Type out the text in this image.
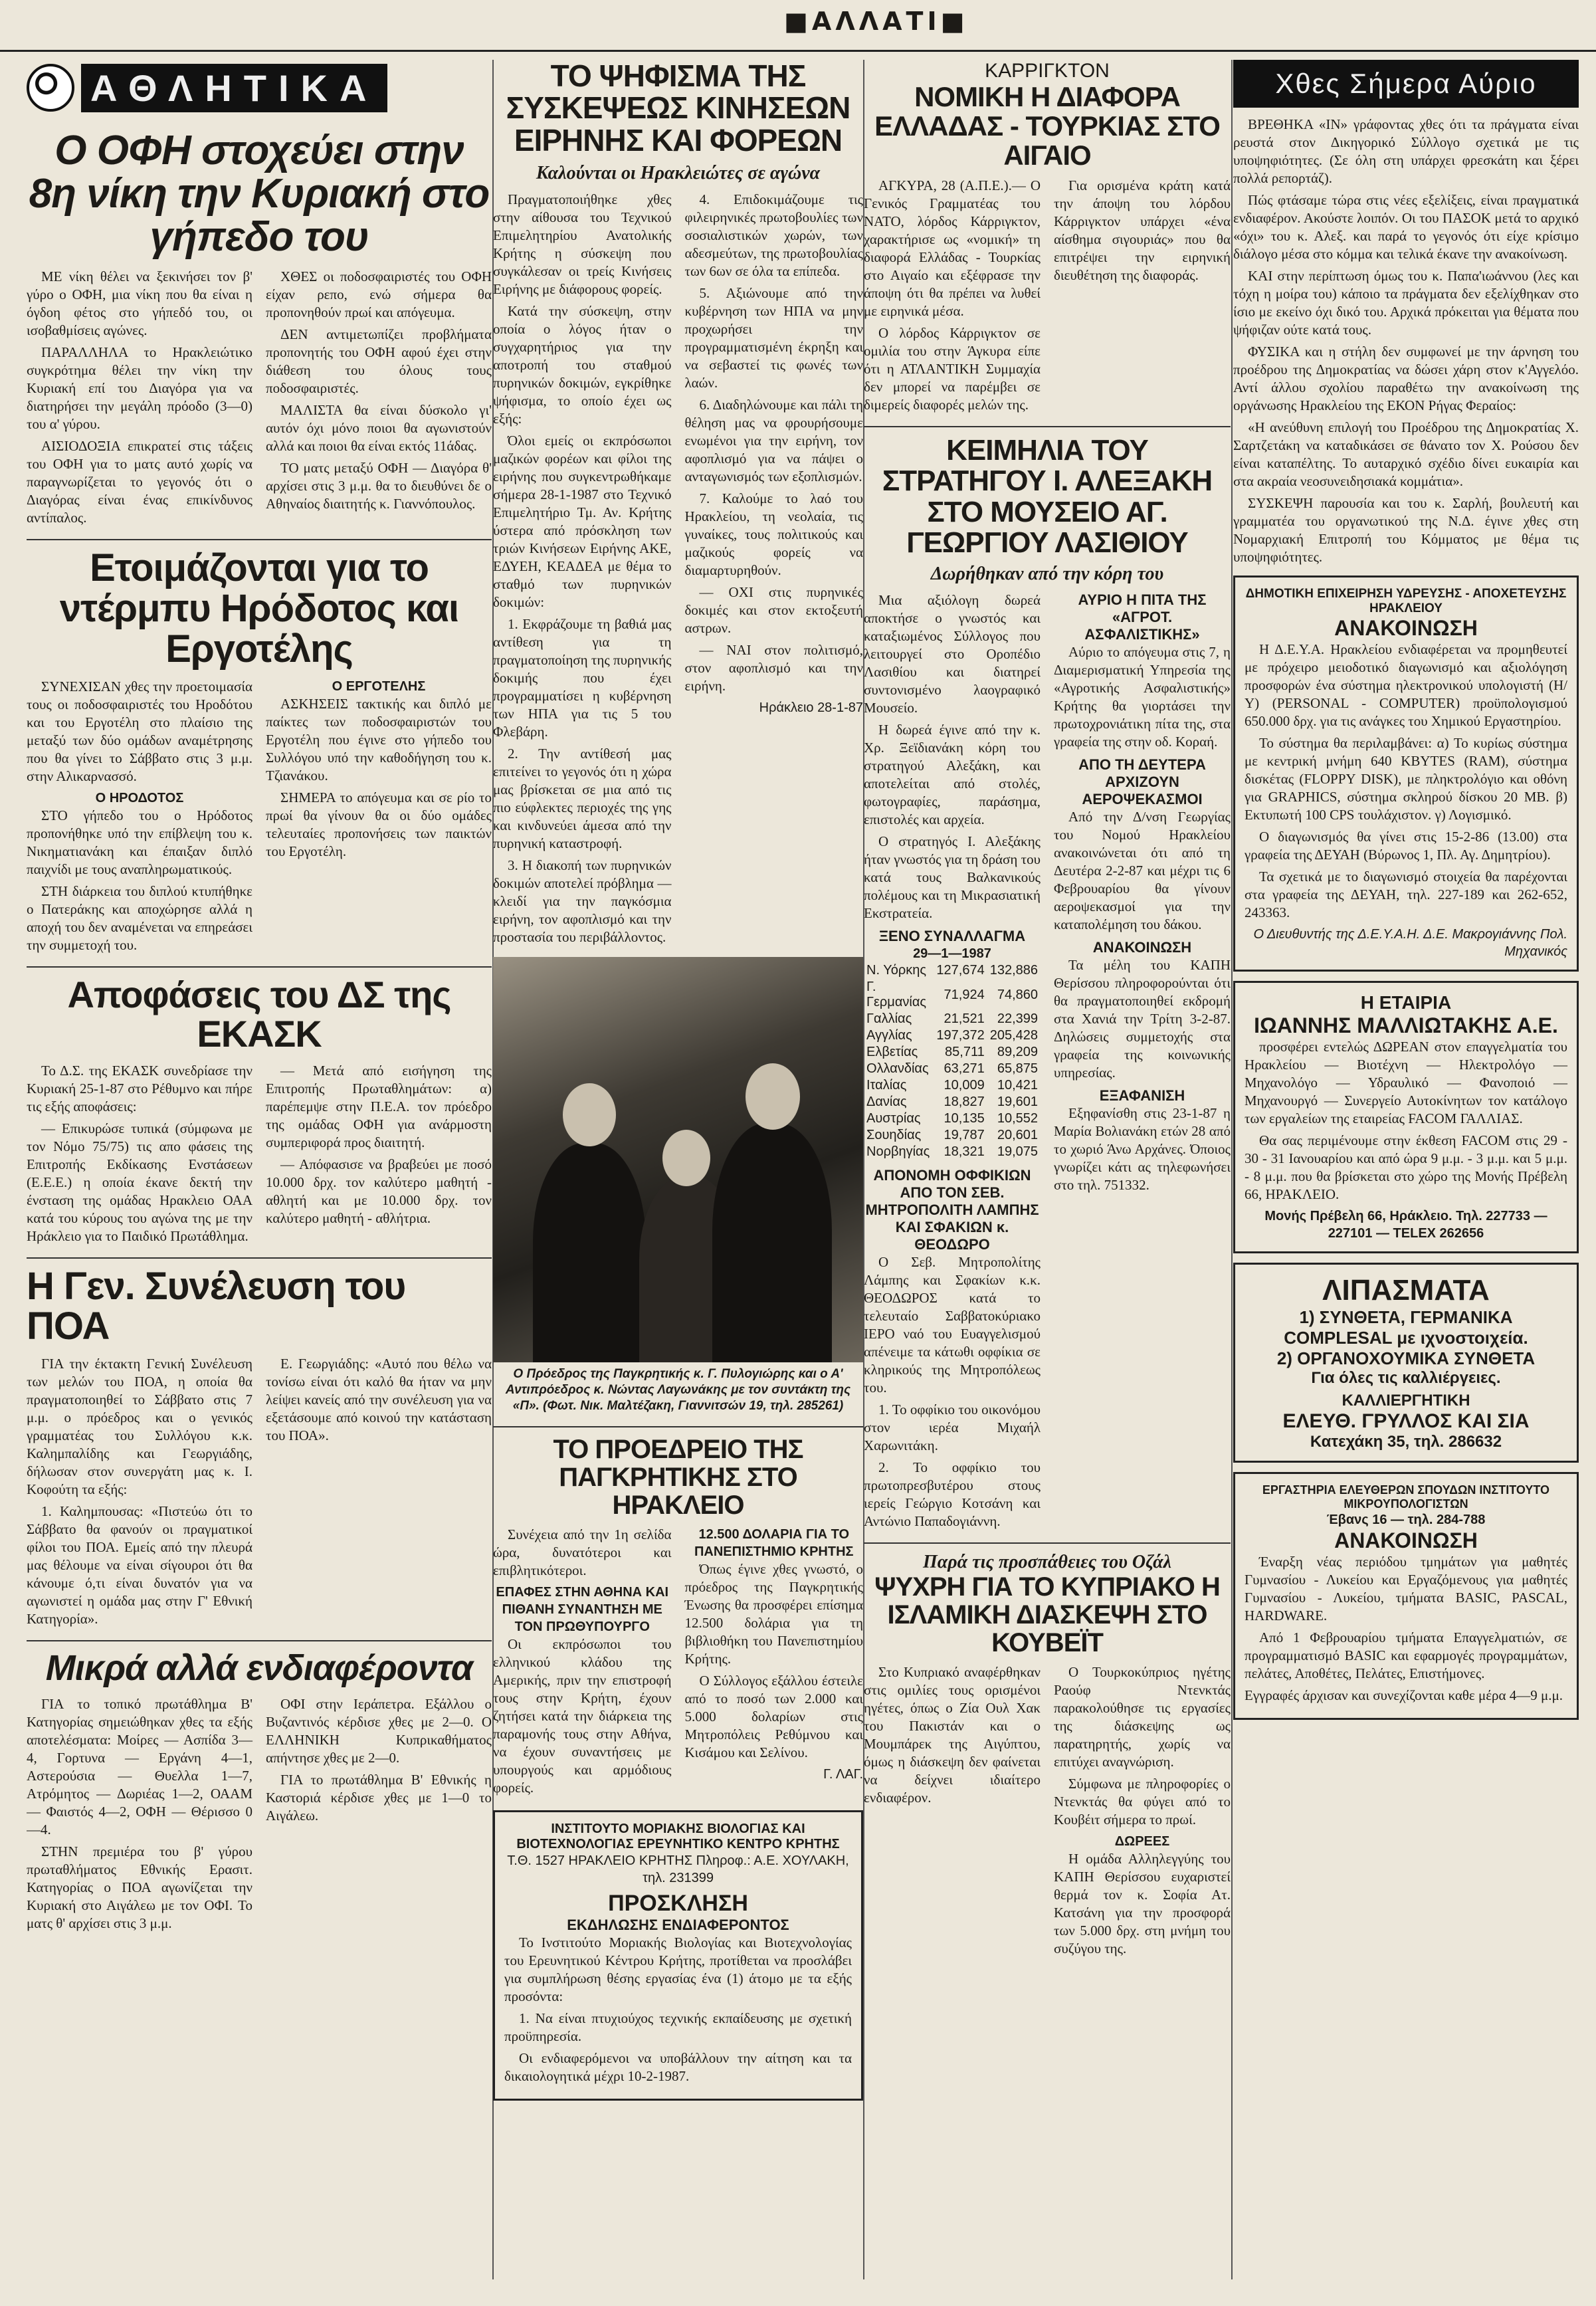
■ΑΛΛΑΤΙ■
ΑΘΛΗΤΙΚΑ
Ο ΟΦΗ στοχεύει στην 8η νίκη την Κυριακή στο γήπεδο του

ΜΕ νίκη θέλει να ξεκινήσει τον β' γύρο ο ΟΦΗ, μια νίκη που θα είναι η όγδοη φέτος στο γήπεδό του, οι ισοβαθμίσεις αγώνες.

ΠΑΡΑΛΛΗΛΑ το Ηρακλειώτικο συγκρότημα θέλει την νίκη την Κυριακή επί του Διαγόρα για να διατηρήσει την μεγάλη πρόοδο (3—0) του α' γύρου.

ΑΙΣΙΟΔΟΞΙΑ επικρατεί στις τάξεις του ΟΦΗ για το ματς αυτό χωρίς να παραγνωρίζεται το γεγονός ότι ο Διαγόρας είναι ένας επικίνδυνος αντίπαλος.

ΧΘΕΣ οι ποδοσφαιριστές του ΟΦΗ είχαν ρεπο, ενώ σήμερα θα προπονηθούν πρωί και απόγευμα.

ΔΕΝ αντιμετωπίζει προβλήματα προπονητής του ΟΦΗ αφού έχει στην διάθεση του όλους τους ποδοσφαιριστές.

ΜΑΛΙΣΤΑ θα είναι δύσκολο γι' αυτόν όχι μόνο ποιοι θα αγωνιστούν αλλά και ποιοι θα είναι εκτός 11άδας.

ΤΟ ματς μεταξύ ΟΦΗ — Διαγόρα θ' αρχίσει στις 3 μ.μ. θα το διευθύνει δε ο Αθηναίος διαιτητής κ. Γιαννόπουλος.

Ετοιμάζονται για το ντέρμπυ Ηρόδοτος και Εργοτέλης

ΣΥΝΕΧΙΣΑΝ χθες την προετοιμασία τους οι ποδοσφαιριστές του Ηροδότου και του Εργοτέλη στο πλαίσιο της μεταξύ των δύο ομάδων αναμέτρησης που θα γίνει το Σάββατο στις 3 μ.μ. στην Αλικαρνασσό.

Ο ΗΡΟΔΟΤΟΣ

ΣΤΟ γήπεδο του ο Ηρόδοτος προπονήθηκε υπό την επίβλεψη του κ. Νικηματιανάκη και έπαιξαν διπλό παιχνίδι με τους αναπληρωματικούς.

ΣΤΗ διάρκεια του διπλού κτυπήθηκε ο Πατεράκης και αποχώρησε αλλά η αποχή του δεν αναμένεται να επηρεάσει την συμμετοχή του.

Ο ΕΡΓΟΤΕΛΗΣ

ΑΣΚΗΣΕΙΣ τακτικής και διπλό με παίκτες των ποδοσφαιριστών του Εργοτέλη που έγινε στο γήπεδο του Συλλόγου υπό την καθοδήγηση του κ. Τζιανάκου.

ΣΗΜΕΡΑ το απόγευμα και σε ρίο το πρωί θα γίνουν θα οι δύο ομάδες τελευταίες προπονήσεις των παικτών του Εργοτέλη.

Αποφάσεις του ΔΣ της ΕΚΑΣΚ

Το Δ.Σ. της ΕΚΑΣΚ συνεδρίασε την Κυριακή 25-1-87 στο Ρέθυμνο και πήρε τις εξής αποφάσεις:

— Επικυρώσε τυπικά (σύμφωνα με τον Νόμο 75/75) τις απο φάσεις της Επιτροπής Εκδίκασης Ενστάσεων (Ε.Ε.Ε.) η οποία έκανε δεκτή την ένσταση της ομάδας Ηρακλειο ΟΑΑ κατά του κύρους του αγώνα της με την Ηράκλειο για το Παιδικό Πρωτάθλημα.

— Μετά από εισήγηση της Επιτροπής Πρωταθλημάτων: α) παρέπεμψε στην Π.Ε.Α. τον πρόεδρο της ομάδας ΟΦΗ για ανάρμοστη συμπεριφορά προς διαιτητή.

— Απόφασισε να βραβεύει με ποσό 10.000 δρχ. τον καλύτερο μαθητή - αθλητή και με 10.000 δρχ. τον καλύτερο μαθητή - αθλήτρια.

Η Γεν. Συνέλευση του ΠΟΑ

ΓΙΑ την έκτακτη Γενική Συνέλευση των μελών του ΠΟΑ, η οποία θα πραγματοποιηθεί το Σάββατο στις 7 μ.μ. ο πρόεδρος και ο γενικός γραμματέας του Συλλόγου κ.κ. Καλημπαλίδης και Γεωργιάδης, δήλωσαν στον συνεργάτη μας κ. Ι. Κοφούτη τα εξής:

1. Καλημπουσας: «Πιστεύω ότι το Σάββατο θα φανούν οι πραγματικοί φίλοι του ΠΟΑ. Εμείς από την πλευρά μας θέλουμε να είναι σίγουροι ότι θα κάνουμε ό,τι είναι δυνατόν για να αγωνιστεί η ομάδα μας στην Γ' Εθνική Κατηγορία».

Ε. Γεωργιάδης: «Αυτό που θέλω να τονίσω είναι ότι καλό θα ήταν να μην λείψει κανείς από την συνέλευση για να εξετάσουμε από κοινού την κατάσταση του ΠΟΑ».

Μικρά αλλά ενδιαφέροντα

ΓΙΑ το τοπικό πρωτάθλημα Β' Κατηγορίας σημειώθηκαν χθες τα εξής αποτελέσματα: Μοίρες — Ασπίδα 3—4, Γορτυνα — Εργάνη 4—1, Αστερούσια — Θυελλα 1—7, Ατρόμητος — Δωριέας 1—2, ΟΑΑΜ — Φαιστός 4—2, ΟΦΗ — Θέρισσο 0—4.

ΣΤΗΝ πρεμιέρα του β' γύρου πρωταθλήματος Εθνικής Ερασιτ. Κατηγορίας ο ΠΟΑ αγωνίζεται την Κυριακή στο Αιγάλεω με τον ΟΦΙ. Το ματς θ' αρχίσει στις 3 μ.μ.

ΟΦΙ στην Ιεράπετρα. Εξάλλου ο Βυζαντινός κέρδισε χθες με 2—0. Ο ΕΛΛΗΝΙΚΗ Κυπρικαθήματος απήντησε χθες με 2—0.

ΓΙΑ το πρωτάθλημα Β' Εθνικής η Καστοριά κέρδισε χθες με 1—0 το Αιγάλεω.

ΤΟ ΨΗΦΙΣΜΑ ΤΗΣ ΣΥΣΚΕΨΕΩΣ ΚΙΝΗΣΕΩΝ ΕΙΡΗΝΗΣ ΚΑΙ ΦΟΡΕΩΝ
Καλούνται οι Ηρακλειώτες σε αγώνα

Πραγματοποιήθηκε χθες στην αίθουσα του Τεχνικού Επιμελητηρίου Ανατολικής Κρήτης η σύσκεψη που συγκάλεσαν οι τρείς Κινήσεις Ειρήνης με διάφορους φορείς.

Κατά την σύσκεψη, στην οποία ο λόγος ήταν ο συγχαρητήριος για την αποτροπή του σταθμού πυρηνικών δοκιμών, εγκρίθηκε ψήφισμα, το οποίο έχει ως εξής:

Όλοι εμείς οι εκπρόσωποι μαζικών φορέων και φίλοι της ειρήνης που συγκεντρωθήκαμε σήμερα 28-1-1987 στο Τεχνικό Επιμελητήριο Τμ. Αν. Κρήτης ύστερα από πρόσκληση των τριών Κινήσεων Ειρήνης ΑΚΕ, ΕΔΥΕΗ, ΚΕΑΔΕΑ με θέμα το σταθμό των πυρηνικών δοκιμών:

1. Εκφράζουμε τη βαθιά μας αντίθεση για τη πραγματοποίηση της πυρηνικής δοκιμής που έχει προγραμματίσει η κυβέρνηση των ΗΠΑ για τις 5 του Φλεβάρη.

2. Την αντίθεσή μας επιτείνει το γεγονός ότι η χώρα μας βρίσκεται σε μια από τις πιο εύφλεκτες περιοχές της γης και κινδυνεύει άμεσα από την πυρηνική καταστροφή.

3. Η διακοπή των πυρηνικών δοκιμών αποτελεί πρόβλημα — κλειδί για την παγκόσμια ειρήνη, τον αφοπλισμό και την προστασία του περιβάλλοντος.

4. Επιδοκιμάζουμε τις φιλειρηνικές πρωτοβουλίες των σοσιαλιστικών χωρών, των αδεσμεύτων, της πρωτοβουλίας των 6ων σε όλα τα επίπεδα.

5. Αξιώνουμε από την κυβέρνηση των ΗΠΑ να μην προχωρήσει την προγραμματισμένη έκρηξη και να σεβαστεί τις φωνές των λαών.

6. Διαδηλώνουμε και πάλι τη θέληση μας να φρουρήσουμε ενωμένοι για την ειρήνη, τον αφοπλισμό για να πάψει ο ανταγωνισμός των εξοπλισμών.

7. Καλούμε το λαό του Ηρακλείου, τη νεολαία, τις γυναίκες, τους πολιτικούς και μαζικούς φορείς να διαμαρτυρηθούν.

— ΟΧΙ στις πυρηνικές δοκιμές και στον εκτοξευτή αστρων.

— ΝΑΙ στον πολιτισμό, στον αφοπλισμό και την ειρήνη.

Ηράκλειο 28-1-87
Ο Πρόεδρος της Παγκρητικής κ. Γ. Πυλογιώρης και ο Α' Αντιπρόεδρος κ. Νώντας Λαγωνάκης με τον συντάκτη της «Π». (Φωτ. Νικ. Μαλτέζακη, Γιαννιτσών 19, τηλ. 285261)
ΤΟ ΠΡΟΕΔΡΕΙΟ ΤΗΣ ΠΑΓΚΡΗΤΙΚΗΣ ΣΤΟ ΗΡΑΚΛΕΙΟ

Συνέχεια από την 1η σελίδα ώρα, δυνατότεροι και επιβλητικότεροι.

ΕΠΑΦΕΣ ΣΤΗΝ ΑΘΗΝΑ ΚΑΙ ΠΙΘΑΝΗ ΣΥΝΑΝΤΗΣΗ ΜΕ ΤΟΝ ΠΡΩΘΥΠΟΥΡΓΟ

Οι εκπρόσωποι του ελληνικού κλάδου της Αμερικής, πριν την επιστροφή τους στην Κρήτη, έχουν ζητήσει κατά την διάρκεια της παραμονής τους στην Αθήνα, να έχουν συναντήσεις με υπουργούς και αρμόδιους φορείς.

12.500 ΔΟΛΑΡΙΑ ΓΙΑ ΤΟ ΠΑΝΕΠΙΣΤΗΜΙΟ ΚΡΗΤΗΣ

Όπως έγινε χθες γνωστό, ο πρόεδρος της Παγκρητικής Ένωσης θα προσφέρει επίσημα 12.500 δολάρια για τη βιβλιοθήκη του Πανεπιστημίου Κρήτης.

Ο Σύλλογος εξάλλου έστειλε από το ποσό των 2.000 και 5.000 δολαρίων στις Μητροπόλεις Ρεθύμνου και Κισάμου και Σελίνου.

Γ. ΛΑΓ.
ΙΝΣΤΙΤΟΥΤΟ ΜΟΡΙΑΚΗΣ ΒΙΟΛΟΓΙΑΣ ΚΑΙ ΒΙΟΤΕΧΝΟΛΟΓΙΑΣ ΕΡΕΥΝΗΤΙΚΟ ΚΕΝΤΡΟ ΚΡΗΤΗΣ
Τ.Θ. 1527 ΗΡΑΚΛΕΙΟ ΚΡΗΤΗΣ Πληροφ.: Α.Ε. ΧΟΥΛΑΚΗ, τηλ. 231399
ΠΡΟΣΚΛΗΣΗ
ΕΚΔΗΛΩΣΗΣ ΕΝΔΙΑΦΕΡΟΝΤΟΣ

Το Ινστιτούτο Μοριακής Βιολογίας και Βιοτεχνολογίας του Ερευνητικού Κέντρου Κρήτης, προτίθεται να προσλάβει για συμπλήρωση θέσης εργασίας ένα (1) άτομο με τα εξής προσόντα:

1. Να είναι πτυχιούχος τεχνικής εκπαίδευσης με σχετική προϋπηρεσία.

Οι ενδιαφερόμενοι να υποβάλλουν την αίτηση και τα δικαιολογητικά μέχρι 10-2-1987.

ΚΑΡΡΙΓΚΤΟΝ
ΝΟΜΙΚΗ Η ΔΙΑΦΟΡΑ ΕΛΛΑΔΑΣ - ΤΟΥΡΚΙΑΣ ΣΤΟ ΑΙΓΑΙΟ

ΑΓΚΥΡΑ, 28 (Α.Π.Ε.).— Ο Γενικός Γραμματέας του ΝΑΤΟ, λόρδος Κάρριγκτον, χαρακτήρισε ως «νομική» τη διαφορά Ελλάδας - Τουρκίας στο Αιγαίο και εξέφρασε την άποψη ότι θα πρέπει να λυθεί με ειρηνικά μέσα.

Ο λόρδος Κάρριγκτον σε ομιλία του στην Άγκυρα είπε ότι η ΑΤΛΑΝΤΙΚΗ Συμμαχία δεν μπορεί να παρέμβει σε διμερείς διαφορές μελών της.

Για ορισμένα κράτη κατά την άποψη του λόρδου Κάρριγκτον υπάρχει «ένα αίσθημα σιγουριάς» που θα επιτρέψει την ειρηνική διευθέτηση της διαφοράς.

ΚΕΙΜΗΛΙΑ ΤΟΥ ΣΤΡΑΤΗΓΟΥ Ι. ΑΛΕΞΑΚΗ ΣΤΟ ΜΟΥΣΕΙΟ ΑΓ. ΓΕΩΡΓΙΟΥ ΛΑΣΙΘΙΟΥ
Δωρήθηκαν από την κόρη του

Μια αξιόλογη δωρεά αποκτήσε ο γνωστός και καταξιωμένος Σύλλογος που λειτουργεί στο Οροπέδιο Λασιθίου και διατηρεί συντονισμένο λαογραφικό Μουσείο.

Η δωρεά έγινε από την κ. Χρ. Ξεϊδιανάκη κόρη του στρατηγού Αλεξάκη, και αποτελείται από στολές, φωτογραφίες, παράσημα, επιστολές και αρχεία.

Ο στρατηγός Ι. Αλεξάκης ήταν γνωστός για τη δράση του κατά τους Βαλκανικούς πολέμους και τη Μικρασιατική Εκστρατεία.

ΞΕΝΟ ΣΥΝΑΛΛΑΓΜΑ
29—1—1987
Ν. Υόρκης	127,674	132,886
Γ. Γερμανίας	71,924	74,860
Γαλλίας	21,521	22,399
Αγγλίας	197,372	205,428
Ελβετίας	85,711	89,209
Ολλανδίας	63,271	65,875
Ιταλίας	10,009	10,421
Δανίας	18,827	19,601
Αυστρίας	10,135	10,552
Σουηδίας	19,787	20,601
Νορβηγίας	18,321	19,075
ΑΠΟΝΟΜΗ ΟΦΦΙΚΙΩΝ ΑΠΟ ΤΟΝ ΣΕΒ. ΜΗΤΡΟΠΟΛΙΤΗ ΛΑΜΠΗΣ ΚΑΙ ΣΦΑΚΙΩΝ κ. ΘΕΟΔΩΡΟ

Ο Σεβ. Μητροπολίτης Λάμπης και Σφακίων κ.κ. ΘΕΟΔΩΡΟΣ κατά το τελευταίο Σαββατοκύριακο ΙΕΡΟ ναό του Ευαγγελισμού απένειμε τα κάτωθι οφφίκια σε κληρικούς της Μητροπόλεως του.

1. Το οφφίκιο του οικονόμου στον ιερέα Μιχαήλ Χαρωνιτάκη.

2. Το οφφίκιο του πρωτοπρεσβυτέρου στους ιερείς Γεώργιο Κοτσάνη και Αντώνιο Παπαδογιάννη.

ΑΥΡΙΟ Η ΠΙΤΑ ΤΗΣ «ΑΓΡΟΤ. ΑΣΦΑΛΙΣΤΙΚΗΣ»

Αύριο το απόγευμα στις 7, η Διαμερισματική Υπηρεσία της «Αγροτικής Ασφαλιστικής» Κρήτης θα γιορτάσει την πρωτοχρονιάτικη πίτα της, στα γραφεία της στην οδ. Κοραή.

ΑΠΟ ΤΗ ΔΕΥΤΕΡΑ ΑΡΧΙΖΟΥΝ ΑΕΡΟΨΕΚΑΣΜΟΙ

Από την Δ/νση Γεωργίας του Νομού Ηρακλείου ανακοινώνεται ότι από τη Δευτέρα 2-2-87 και μέχρι τις 6 Φεβρουαρίου θα γίνουν αεροψεκασμοί για την καταπολέμηση του δάκου.

ΑΝΑΚΟΙΝΩΣΗ

Τα μέλη του ΚΑΠΗ Θερίσσου πληροφορούνται ότι θα πραγματοποιηθεί εκδρομή στα Χανιά την Τρίτη 3-2-87. Δηλώσεις συμμετοχής στα γραφεία της κοινωνικής υπηρεσίας.

ΕΞΑΦΑΝΙΣΗ

Εξηφανίσθη στις 23-1-87 η Μαρία Βολιανάκη ετών 28 από το χωριό Άνω Αρχάνες. Όποιος γνωρίζει κάτι ας τηλεφωνήσει στο τηλ. 751332.

Παρά τις προσπάθειες του Οζάλ
ΨΥΧΡΗ ΓΙΑ ΤΟ ΚΥΠΡΙΑΚΟ Η ΙΣΛΑΜΙΚΗ ΔΙΑΣΚΕΨΗ ΣΤΟ ΚΟΥΒΕΪΤ

Στο Κυπριακό αναφέρθηκαν στις ομιλίες τους ορισμένοι ηγέτες, όπως ο Ζία Ουλ Χακ του Πακιστάν και ο Μουμπάρεκ της Αιγύπτου, όμως η διάσκεψη δεν φαίνεται να δείχνει ιδιαίτερο ενδιαφέρον.

Ο Τουρκοκύπριος ηγέτης Ραούφ Ντενκτάς παρακολούθησε τις εργασίες της διάσκεψης ως παρατηρητής, χωρίς να επιτύχει αναγνώριση.

Σύμφωνα με πληροφορίες ο Ντενκτάς θα φύγει από το Κουβέιτ σήμερα το πρωί.

ΔΩΡΕΕΣ

Η ομάδα Αλληλεγγύης του ΚΑΠΗ Θερίσσου ευχαριστεί θερμά τον κ. Σοφία Ατ. Κατσάνη για την προσφορά των 5.000 δρχ. στη μνήμη του συζύγου της.

Χθες Σήμερα Αύριο

ΒΡΕΘΗΚΑ «ΙΝ» γράφοντας χθες ότι τα πράγματα είναι ρευστά στον Δικηγορικό Σύλλογο σχετικά με τις υποψηφιότητες. (Σε όλη στη υπάρχει φρεσκάτη και ξέρει πολλά ρεπορτάζ).

Πώς φτάσαμε τώρα στις νέες εξελίξεις, είναι πραγματικά ενδιαφέρον. Ακούστε λοιπόν. Οι του ΠΑΣΟΚ μετά το αρχικό «όχι» του κ. Αλεξ. και παρά το γεγονός ότι είχε κρίσιμο διάλογο μέσα στο κόμμα και τελικά έκανε την ανακοίνωση.

ΚΑΙ στην περίπτωση όμως του κ. Παπα'ιωάννου (λες και τόχη η μοίρα του) κάποιο τα πράγματα δεν εξελίχθηκαν στο ίσιο με εκείνο όχι δικό του. Αρχικά πρόκειται για θέματα που ψήφιζαν ούτε κατά τους.

ΦΥΣΙΚΑ και η στήλη δεν συμφωνεί με την άρνηση του προέδρου της Δημοκρατίας να δώσει χάρη στον κ'Αγγελόο. Αντί άλλου σχολίου παραθέτω την ανακοίνωση της οργάνωσης Ηρακλείου της ΕΚΟΝ Ρήγας Φεραίος:

«Η ανεύθυνη επιλογή του Προέδρου της Δημοκρατίας Χ. Σαρτζετάκη να καταδικάσει σε θάνατο τον Χ. Ρούσου δεν είναι καταπέλτης. Το αυταρχικό σχέδιο δίνει ευκαιρία και στα ακραία νεοσυνειδησιακά κομμάτια».

ΣΥΣΚΕΨΗ παρουσία και του κ. Σαρλή, βουλευτή και γραμματέα του οργανωτικού της Ν.Δ. έγινε χθες στη Νομαρχιακή Επιτροπή του Κόμματος με θέμα τις υποψηφιότητες.

ΔΗΜΟΤΙΚΗ ΕΠΙΧΕΙΡΗΣΗ ΥΔΡΕΥΣΗΣ - ΑΠΟΧΕΤΕΥΣΗΣ ΗΡΑΚΛΕΙΟΥ
ΑΝΑΚΟΙΝΩΣΗ

Η Δ.Ε.Υ.Α. Ηρακλείου ενδιαφέρεται να προμηθευτεί με πρόχειρο μειοδοτικό διαγωνισμό και αξιολόγηση προσφορών ένα σύστημα ηλεκτρονικού υπολογιστή (Η/Υ) (PERSONAL - COMPUTER) προϋπολογισμού 650.000 δρχ. για τις ανάγκες του Χημικού Εργαστηρίου.

Το σύστημα θα περιλαμβάνει: α) Το κυρίως σύστημα με κεντρική μνήμη 640 ΚΒΥTES (RAM), σύστημα δισκέτας (FLOPPY DISK), με πληκτρολόγιο και οθόνη για GRAPHICS, σύστημα σκληρού δίσκου 20 MB. β) Εκτυπωτή 100 CPS τουλάχιστον. γ) Λογισμικό.

Ο διαγωνισμός θα γίνει στις 15-2-86 (13.00) στα γραφεία της ΔΕΥΑΗ (Βύρωνος 1, Πλ. Αγ. Δημητρίου).

Τα σχετικά με το διαγωνισμό στοιχεία θα παρέχονται στα γραφεία της ΔΕΥΑΗ, τηλ. 227-189 και 262-652, 243363.

Ο Διευθυντής της Δ.Ε.Υ.Α.Η. Δ.Ε. Μακρογιάννης Πολ. Μηχανικός
Η ΕΤΑΙΡΙΑ
ΙΩΑΝΝΗΣ ΜΑΛΛΙΩΤΑΚΗΣ Α.Ε.

προσφέρει εντελώς ΔΩΡΕΑΝ στον επαγγελματία του Ηρακλείου — Βιοτέχνη — Ηλεκτρολόγο — Μηχανολόγο — Υδραυλικό — Φανοποιό — Μηχανουργό — Συνεργείο Αυτοκίνητων τον κατάλογο των εργαλείων της εταιρείας FACOM ΓΑΛΛΙΑΣ.

Θα σας περιμένουμε στην έκθεση FACOM στις 29 - 30 - 31 Ιανουαρίου και από ώρα 9 μ.μ. - 3 μ.μ. και 5 μ.μ. - 8 μ.μ. που θα βρίσκεται στο χώρο της Μονής Πρέβελη 66, ΗΡΑΚΛΕΙΟ.

Μονής Πρέβελη 66, Ηράκλειο. Τηλ. 227733 — 227101 — TELEX 262656
ΛΙΠΑΣΜΑΤΑ
1) ΣΥΝΘΕΤΑ, ΓΕΡΜΑΝΙΚΑ
COMPLESAL με ιχνοστοιχεία.
2) ΟΡΓΑΝΟΧΟΥΜΙΚΑ ΣΥΝΘΕΤΑ
Για όλες τις καλλιέργειες.
ΚΑΛΛΙΕΡΓΗΤΙΚΗ
ΕΛΕΥΘ. ΓΡΥΛΛΟΣ ΚΑΙ ΣΙΑ
Κατεχάκη 35, τηλ. 286632
ΕΡΓΑΣΤΗΡΙΑ ΕΛΕΥΘΕΡΩΝ ΣΠΟΥΔΩΝ ΙΝΣΤΙΤΟΥΤΟ ΜΙΚΡΟΥΠΟΛΟΓΙΣΤΩΝ
Έβανς 16 — τηλ. 284-788
ΑΝΑΚΟΙΝΩΣΗ

Έναρξη νέας περιόδου τμημάτων για μαθητές Γυμνασίου - Λυκείου και Εργαζόμενους για μαθητές Γυμνασίου - Λυκείου, τμήματα BASIC, PASCAL, HARDWARE.

Από 1 Φεβρουαρίου τμήματα Επαγγελματιών, σε προγραμματισμό BASIC και εφαρμογές προγραμμάτων, πελάτες, Αποθέτες, Πελάτες, Επιστήμονες.

Εγγραφές άρχισαν και συνεχίζονται καθε μέρα 4—9 μ.μ.
